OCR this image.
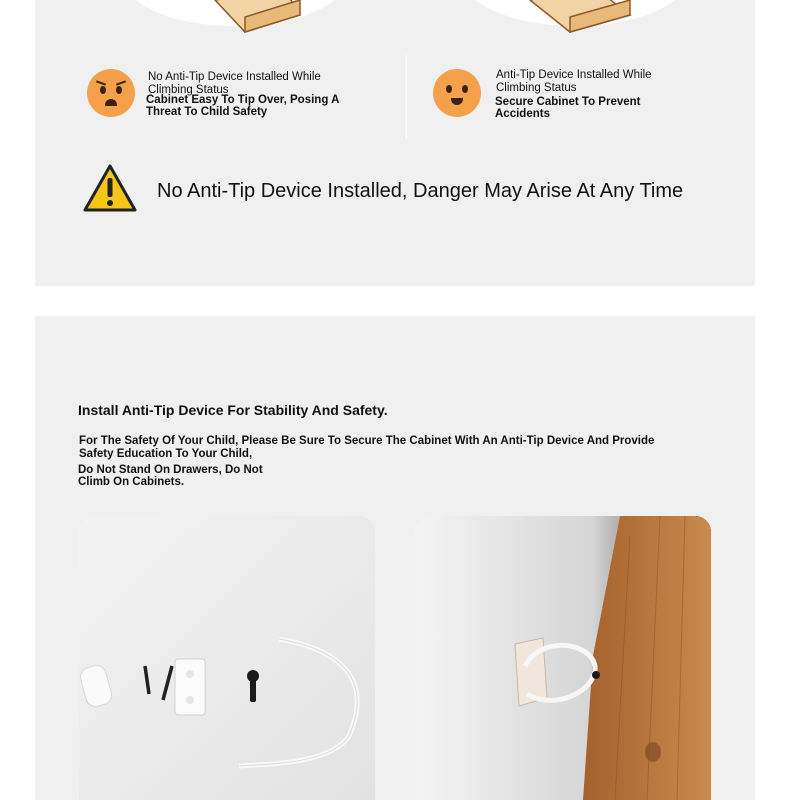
No Anti-Tip Device Installed While Climbing Status
Cabinet Easy To Tip Over, Posing A Threat To Child Safety
Anti-Tip Device Installed While Climbing Status
Secure Cabinet To Prevent Accidents
No Anti-Tip Device Installed, Danger May Arise At Any Time
Install Anti-Tip Device For Stability And Safety.
For The Safety Of Your Child, Please Be Sure To Secure The Cabinet With An Anti-Tip Device And Provide
Safety Education To Your Child,
Do Not Stand On Drawers, Do Not
Climb On Cabinets.
